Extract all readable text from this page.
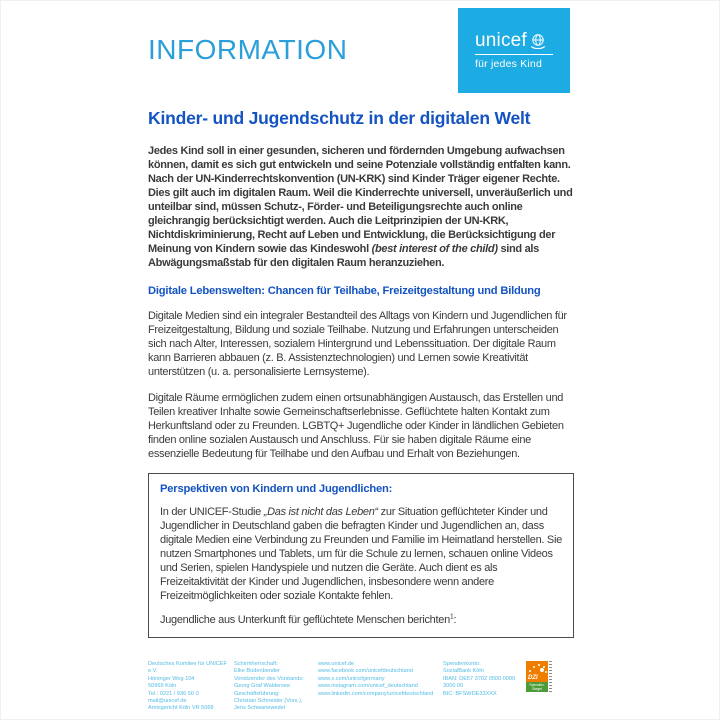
INFORMATION	unicef
für jedes Kind
Kinder- und Jugendschutz in der digitalen Welt

Jedes Kind soll in einer gesunden, sicheren und fördernden Umgebung aufwachsen können, damit es sich gut entwickeln und seine Potenziale vollständig entfalten kann. Nach der UN-Kinderrechtskonvention (UN-KRK) sind Kinder Träger eigener Rechte. Dies gilt auch im digitalen Raum. Weil die Kinderrechte universell, unveräußerlich und unteilbar sind, müssen Schutz-, Förder- und Beteiligungsrechte auch online gleichrangig berücksichtigt werden. Auch die Leitprinzipien der UN-KRK, Nichtdiskriminierung, Recht auf Leben und Entwicklung, die Berücksichtigung der Meinung von Kindern sowie das Kindeswohl (best interest of the child) sind als Abwägungsmaßstab für den digitalen Raum heranzuziehen.

Digitale Lebenswelten: Chancen für Teilhabe, Freizeitgestaltung und Bildung

Digitale Medien sind ein integraler Bestandteil des Alltags von Kindern und Jugendlichen für Freizeitgestaltung, Bildung und soziale Teilhabe. Nutzung und Erfahrungen unterscheiden sich nach Alter, Interessen, sozialem Hintergrund und Lebenssituation. Der digitale Raum kann Barrieren abbauen (z. B. Assistenztechnologien) und Lernen sowie Kreativität unterstützen (u. a. personalisierte Lernsysteme).

Digitale Räume ermöglichen zudem einen ortsunabhängigen Austausch, das Erstellen und Teilen kreativer Inhalte sowie Gemeinschaftserlebnisse. Geflüchtete halten Kontakt zum Herkunftsland oder zu Freunden. LGBTQ+ Jugendliche oder Kinder in ländlichen Gebieten finden online sozialen Austausch und Anschluss. Für sie haben digitale Räume eine essenzielle Bedeutung für Teilhabe und den Aufbau und Erhalt von Beziehungen.

Perspektiven von Kindern und Jugendlichen:

In der UNICEF-Studie „Das ist nicht das Leben“ zur Situation geflüchteter Kinder und Jugendlicher in Deutschland gaben die befragten Kinder und Jugendlichen an, dass digitale Medien eine Verbindung zu Freunden und Familie im Heimatland herstellen. Sie nutzen Smartphones und Tablets, um für die Schule zu lernen, schauen online Videos und Serien, spielen Handyspiele und nutzen die Geräte. Auch dient es als Freizeitaktivität der Kinder und Jugendlichen, insbesondere wenn andere Freizeitmöglichkeiten oder soziale Kontakte fehlen.

Jugendliche aus Unterkunft für geflüchtete Menschen berichten$^1$:

Deutsches Komitee für UNICEF e.V.
Höninger Weg 104
50969 Köln
Tel.: 0221 / 936 50 0
mail@unicef.de
Amtsgericht Köln VR 5068
Schirmherrschaft:
Elke Büdenbender
Vorsitzender des Vorstands:
Georg Graf Waldersee
Geschäftsführung:
Christian Schneider (Vors.),
Jens Schwanewedel
www.unicef.de
www.facebook.com/unicefdeutschland
www.x.com/unicefgermany
www.instagram.com/unicef_deutschland
www.linkedin.com/company/unicefdeutschland
Spendenkonto:
SozialBank Köln
IBAN: DE57 3702 0500 0000 3000 00
BIC: BFSWDE33XXX
DZI
Spenden-Siegel
